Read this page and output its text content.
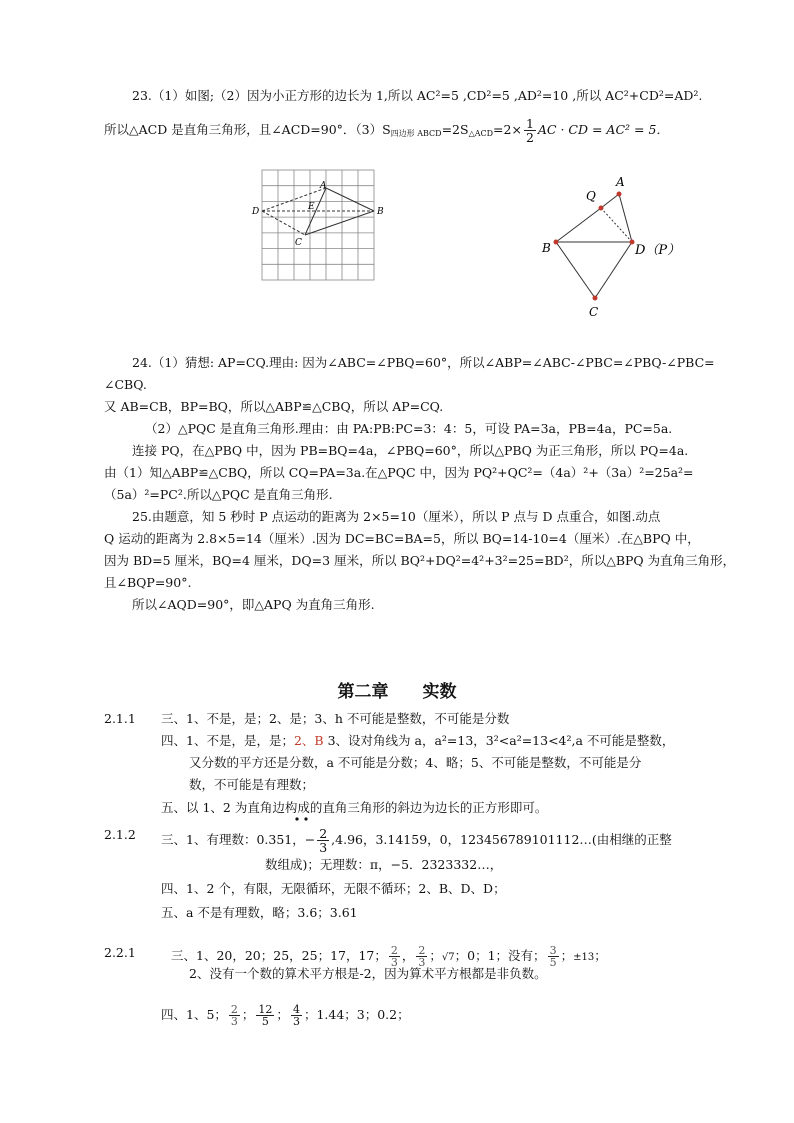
23.（1）如图;（2）因为小正方形的边长为 1,所以 AC²=5 ,CD²=5 ,AD²=10 ,所以 AC²+CD²=AD².
所以△ACD 是直角三角形，且∠ACD=90°．$(3)S_{四边形 ABCD}=2S_{\triangle ACD}=2\times \frac{1}{2}$ AC · CD = AC² = 5．
A
B
C
D	E
Q
A
B	D（P）
C
24.（1）猜想: AP=CQ.理由: 因为∠ABC=∠PBQ=60°，所以∠ABP=∠ABC-∠PBC=∠PBQ-∠PBC=
∠CBQ.
又 AB=CB，BP=BQ，所以△ABP≌△CBQ，所以 AP=CQ.
（2）△PQC 是直角三角形.理由：由 PA:PB:PC=3：4：5，可设 PA=3a，PB=4a，PC=5a.
连接 PQ，在△PBQ 中，因为 PB=BQ=4a，∠PBQ=60°，所以△PBQ 为正三角形，所以 PQ=4a.
由（1）知△ABP≌△CBQ，所以 CQ=PA=3a.在△PQC 中，因为 PQ²+QC²=（4a）²+（3a）²=25a²=
（5a）²=PC².所以△PQC 是直角三角形.
25.由题意，知 5 秒时 P 点运动的距离为 2×5=10（厘米），所以 P 点与 D 点重合，如图.动点
Q 运动的距离为 2.8×5=14（厘米）.因为 DC=BC=BA=5，所以 BQ=14-10=4（厘米）.在△BPQ 中，
因为 BD=5 厘米，BQ=4 厘米，DQ=3 厘米，所以 BQ²+DQ²=4²+3²=25=BD²，所以△BPQ 为直角三角形，
且∠BQP=90°.
所以∠AQD=90°，即△APQ 为直角三角形.
第二章　　实数
2.1.1 三、1、不是，是；2、是；3、h 不可能是整数，不可能是分数
四、1、不是，是，是；2、B 3、设对角线为 a，a²=13，3²<a²=13<4²,a 不可能是整数，
又分数的平方还是分数，a 不可能是分数；4、略；5、不可能是整数，不可能是分
数，不可能是有理数；
五、以 1、2 为直角边构成的直角三角形的斜边为边长的正方形即可。
2.1.2 三、1、有理数：0.351，− $\frac{2}{3} ,4.96$，3.14159，0，123456789101112…(由相继的正整
数组成)；无理数：π，−5．2323332…，
四、1、2 个，有限，无限循环，无限不循环；2、B、D、D；
五、a 不是有理数，略；3.6；3.61
2.2.1	三、1、20，20；25，25；17，17； $\frac{2}{3}$ ， $\frac{2}{3}$ ；√7；0；1；没有； $\frac{3}{5}$ ；±13；
2、没有一个数的算术平方根是-2，因为算术平方根都是非负数。
四、1、5； $\frac{2}{3}$ ； $\frac{12}{5}$ ； $\frac{4}{3}$ ；1.44；3；0.2；
